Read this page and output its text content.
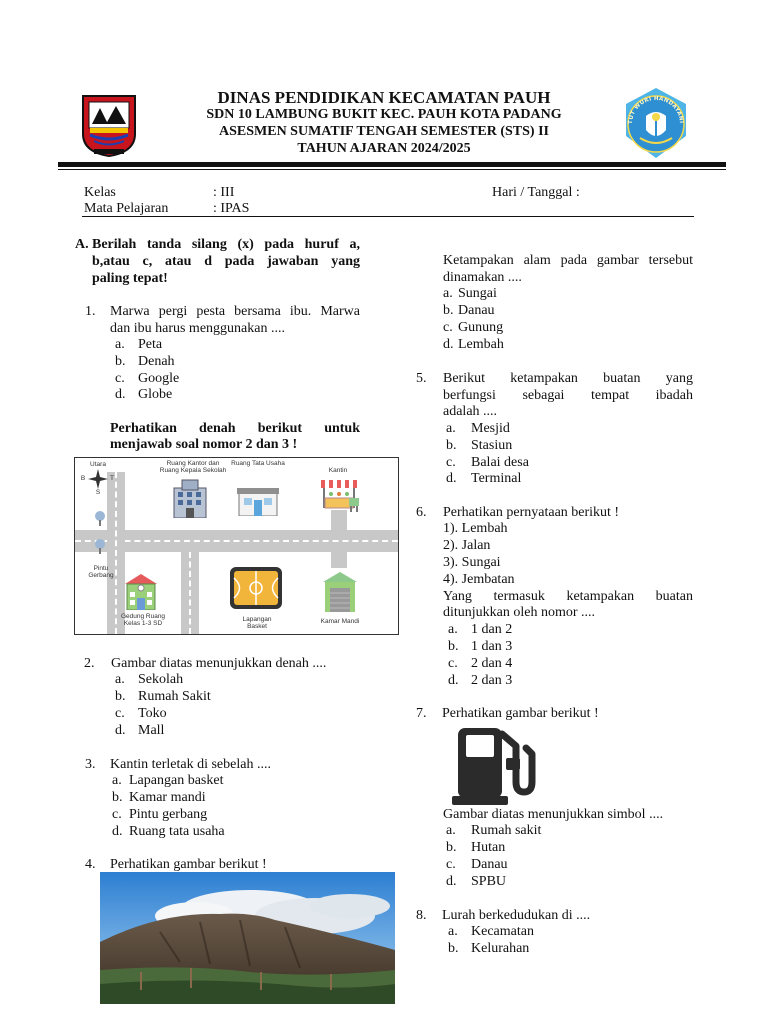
DINAS PENDIDIKAN KECAMATAN PAUH
SDN 10 LAMBUNG BUKIT KEC. PAUH KOTA PADANG
ASESMEN SUMATIF TENGAH SEMESTER (STS) II
TAHUN AJARAN 2024/2025
TUT WURI HANDAYANI
Kelas	: III	Hari / Tanggal :
Mata Pelajaran	: IPAS
A. Berilah tanda silang (x) pada huruf a,
b,atau c, atau d pada jawaban yang
paling tepat!
1. Marwa pergi pesta bersama ibu. Marwa
dan ibu harus menggunakan ....
a. Peta
b. Denah
c. Google
d. Globe
Perhatikan denah berikut untuk
menjawab soal nomor 2 dan 3 !
Utara
B	T
S
Ruang Kantor dan Ruang Kepala Sekolah
Ruang Tata Usaha
Kantin
Pintu Gerbang
Gedung Ruang Kelas 1-3 SD
Lapangan Basket
Kamar Mandi
2. Gambar diatas menunjukkan denah ....
a. Sekolah
b. Rumah Sakit
c. Toko
d. Mall
3. Kantin terletak di sebelah ....
a. Lapangan basket
b. Kamar mandi
c. Pintu gerbang
d. Ruang tata usaha
4. Perhatikan gambar berikut !
Ketampakan alam pada gambar tersebut
dinamakan ....
a. Sungai
b. Danau
c. Gunung
d. Lembah
5. Berikut ketampakan buatan yang
berfungsi sebagai tempat ibadah
adalah ....
a. Mesjid
b. Stasiun
c. Balai desa
d. Terminal
6. Perhatikan pernyataan berikut !
1). Lembah
2). Jalan
3). Sungai
4). Jembatan
Yang termasuk ketampakan buatan
ditunjukkan oleh nomor ....
a. 1 dan 2
b. 1 dan 3
c. 2 dan 4
d. 2 dan 3
7. Perhatikan gambar berikut !
Gambar diatas menunjukkan simbol ....
a. Rumah sakit
b. Hutan
c. Danau
d. SPBU
8. Lurah berkedudukan di ....
a. Kecamatan
b. Kelurahan
